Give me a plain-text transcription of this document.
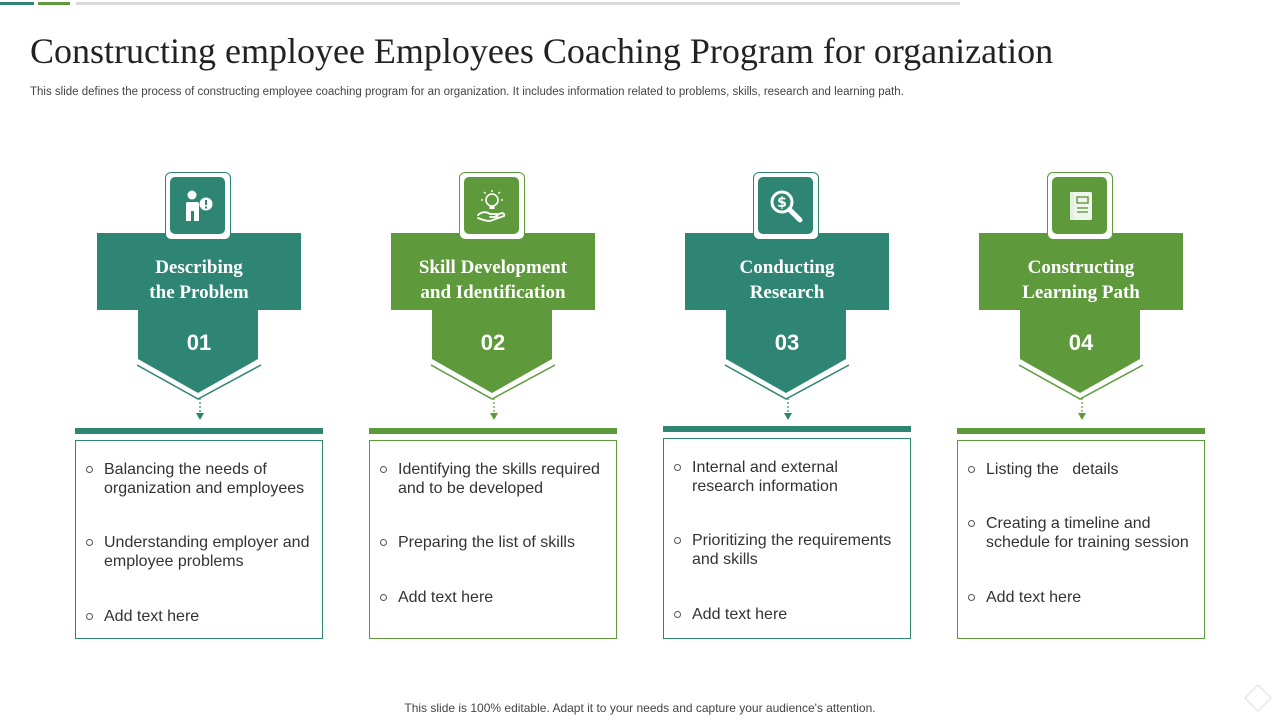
Constructing employee Employees Coaching Program for organization

This slide defines the process of constructing employee coaching program for an organization. It includes information related to problems, skills, research and learning path.

Describing
the Problem
01
Balancing the needs of organization and employees
Understanding employer and employee problems
Add text here
Skill Development
and Identification
02
Identifying the skills required and to be developed
Preparing the list of skills
Add text here
$
Conducting
Research
03
Internal and external research information
Prioritizing the requirements and skills
Add text here
Constructing
Learning Path
04
Listing the   details
Creating a timeline and schedule for training session
Add text here

This slide is 100% editable. Adapt it to your needs and capture your audience's attention.
